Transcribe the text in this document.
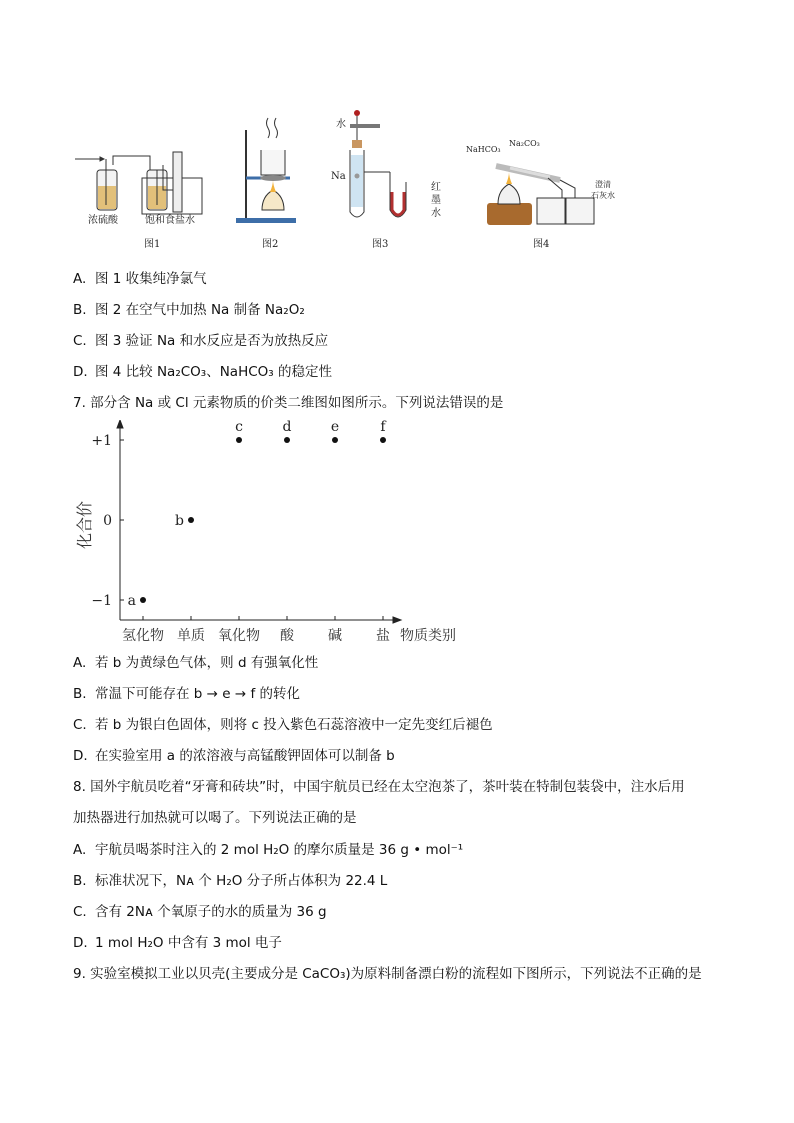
浓硫酸	饱和食盐水
图1	图2
水
Na
红
墨
水
图3
NaHCO₃
Na₂CO₃
澄清
石灰水
图4
A. 图 1 收集纯净氯气
B. 图 2 在空气中加热 Na 制备 Na₂O₂
C. 图 3 验证 Na 和水反应是否为放热反应
D. 图 4 比较 Na₂CO₃、NaHCO₃ 的稳定性
7. 部分含 Na 或 Cl 元素物质的价类二维图如图所示。下列说法错误的是
+1
0
−1
氢化物 单质 氧化物 酸 碱 盐
化合价
物质类别
a
b
c	d	e	f
A. 若 b 为黄绿色气体，则 d 有强氧化性
B. 常温下可能存在 b → e → f 的转化
C. 若 b 为银白色固体，则将 c 投入紫色石蕊溶液中一定先变红后褪色
D. 在实验室用 a 的浓溶液与高锰酸钾固体可以制备 b
8. 国外宇航员吃着“牙膏和砖块”时，中国宇航员已经在太空泡茶了，茶叶装在特制包装袋中，注水后用
加热器进行加热就可以喝了。下列说法正确的是
A. 宇航员喝茶时注入的 2 mol H₂O 的摩尔质量是 36 g • mol⁻¹
B. 标准状况下，Nᴀ 个 H₂O 分子所占体积为 22.4 L
C. 含有 2Nᴀ 个氧原子的水的质量为 36 g
D. 1 mol H₂O 中含有 3 mol 电子
9. 实验室模拟工业以贝壳(主要成分是 CaCO₃)为原料制备漂白粉的流程如下图所示，下列说法不正确的是
